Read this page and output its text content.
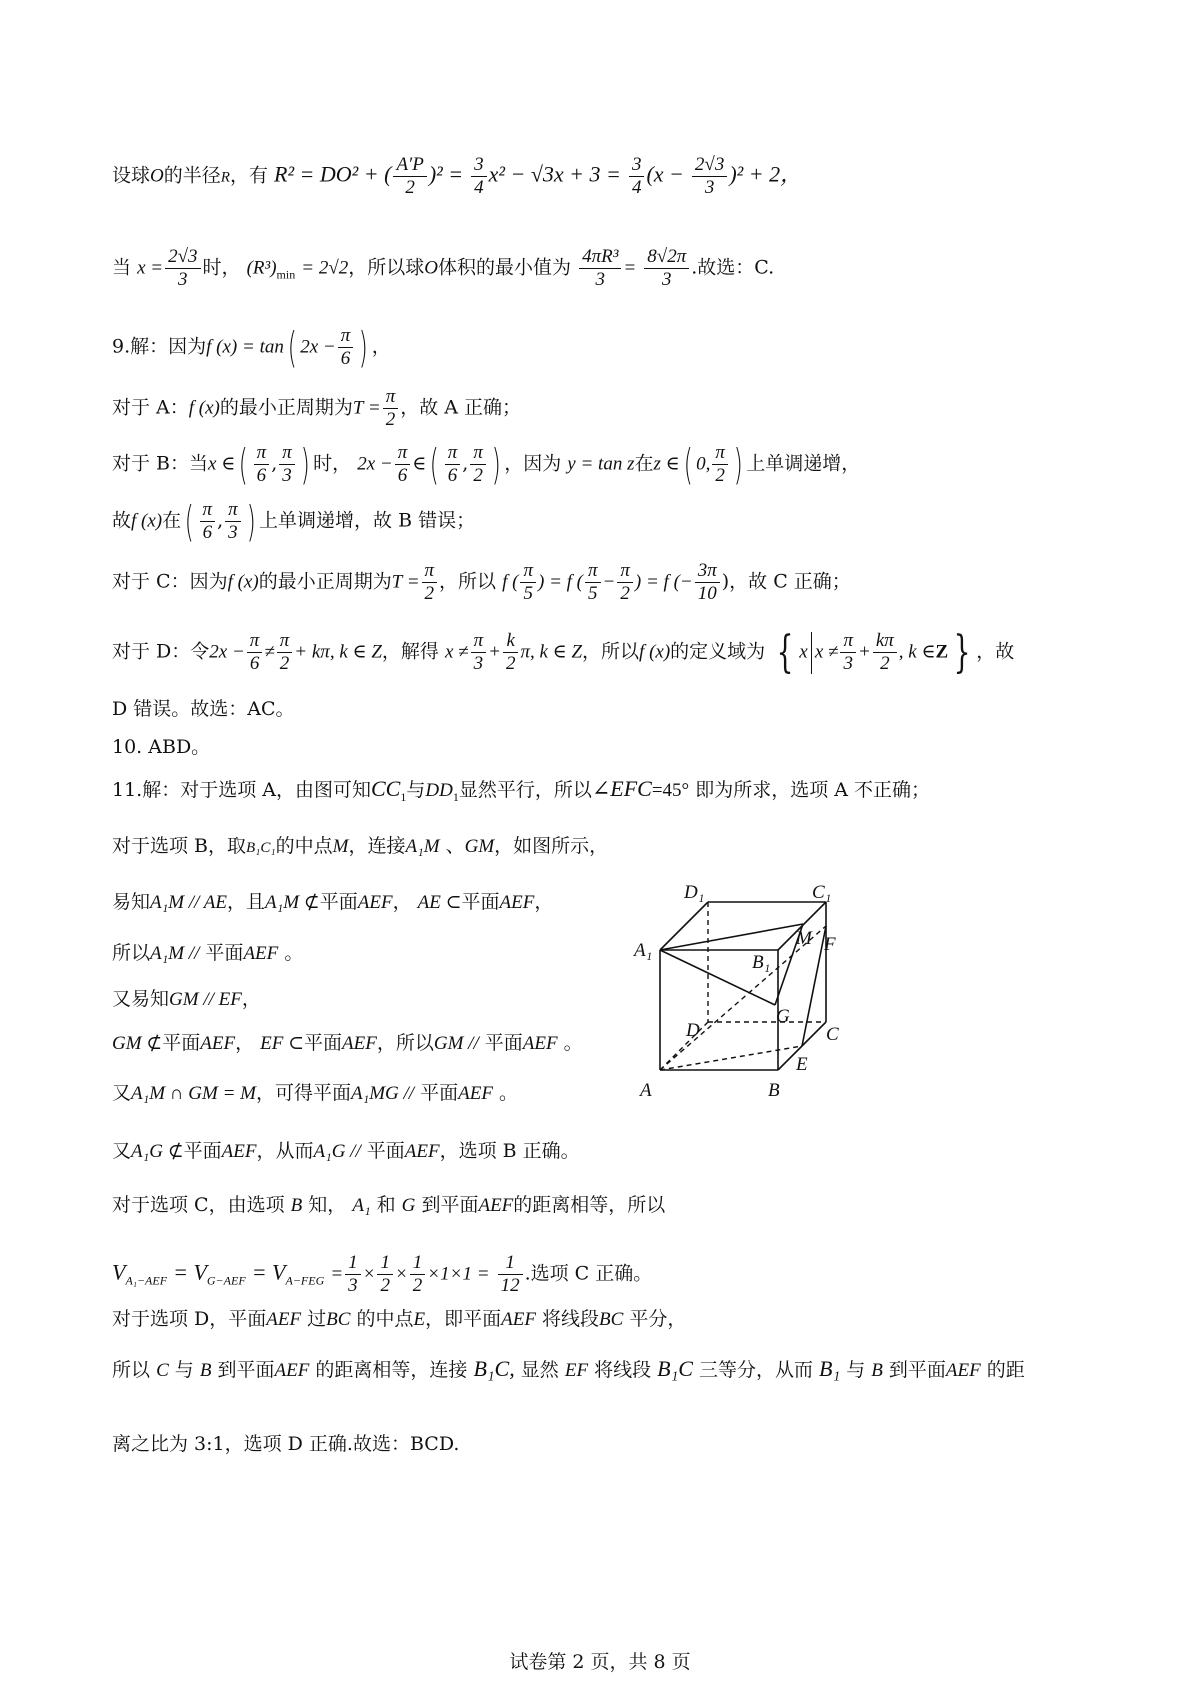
设球O的半径R，有 R² = DO² + ( $\frac{A'P}{2} )^2 = \frac{3}{4} x^2 - √3x + 3 = \frac{3}{4} (x - \frac{2√3}{3} )^2 + 2$，
当 $x = \frac{2√3}{3}$ 时， $(R^3)_{min} = 2√2$，所以球O体积的最小值为 $\frac{\text{4πR³}}{3} = \frac{8√2\pi}{3}$ .故选：C.
9.解：因为f (x) = tan( $2x - \frac{\pi}{6}$ ) ，
对于 A：f (x)的最小正周期为$T = \frac{\pi}{2}$ ，故 A 正确；
对于 B：当x ∈( $\frac{\pi}{6}$ , $\frac{\pi}{3}$ ) 时， $2x - \frac{\pi}{6}$ ∈( $\frac{\pi}{6}$ , $\frac{\pi}{2}$ ) ，因为 y = tan z在z ∈( 0, $\frac{\pi}{2}$ ) 上单调递增，
故f (x)在( $\frac{\pi}{6}$ , $\frac{\pi}{3}$ ) 上单调递增，故 B 错误；
对于 C：因为f (x)的最小正周期为$T = \frac{\pi}{2}$ ，所以 f ( $\frac{\pi}{5}$ ) = f ( $\frac{\pi}{5} - \frac{\pi}{2}$ ) = f (− $\frac{3\pi}{10}$ )，故 C 正确；
对于 D：令$2x - \frac{\pi}{6} \ne \frac{\pi}{2} + k\pi$, k ∈ Z，解得 $x \ne \frac{\pi}{3} + \frac{k}{2} \pi$, k ∈ Z，所以f (x)的定义域为 { x $x \ne \frac{\pi}{3} + \frac{k\pi}{2}$ , k ∈Z } ，故
D 错误。故选：AC。
10. ABD。
11.解：对于选项 A，由图可知$CC_1$与$DD_1$显然平行，所以∠EFC=45° 即为所求，选项 A 不正确；
对于选项 B，取B₁C₁的中点M，连接A₁M 、GM，如图所示，
易知A₁M // AE，且A₁M ⊄平面AEF， AE ⊂平面AEF，
所以A₁M // 平面AEF 。
又易知GM // EF，
GM ⊄平面AEF， EF ⊂平面AEF，所以GM // 平面AEF 。
又A₁M ∩ GM = M，可得平面A₁MG // 平面AEF 。
又A₁G ⊄平面AEF，从而A₁G // 平面AEF，选项 B 正确。
对于选项 C，由选项 B 知， A₁ 和 G 到平面AEF的距离相等，所以
$V_{A_1-AEF} = V_{G-AEF} = V_{A-FEG} = \frac{1}{3} \times \frac{1}{2} \times \frac{1}{2} \times 1\times 1 = \frac{1}{12}$ .选项 C 正确。
对于选项 D，平面AEF 过BC 的中点E，即平面AEF 将线段BC 平分，
所以 C 与 B 到平面AEF 的距离相等，连接 B₁C, 显然 EF 将线段 B₁C 三等分，从而 B₁ 与 B 到平面AEF 的距
离之比为 3:1，选项 D 正确.故选：BCD.
D₁	C₁
A₁
B₁
M F
G
D	C
E
A	B
试卷第 2 页，共 8 页
